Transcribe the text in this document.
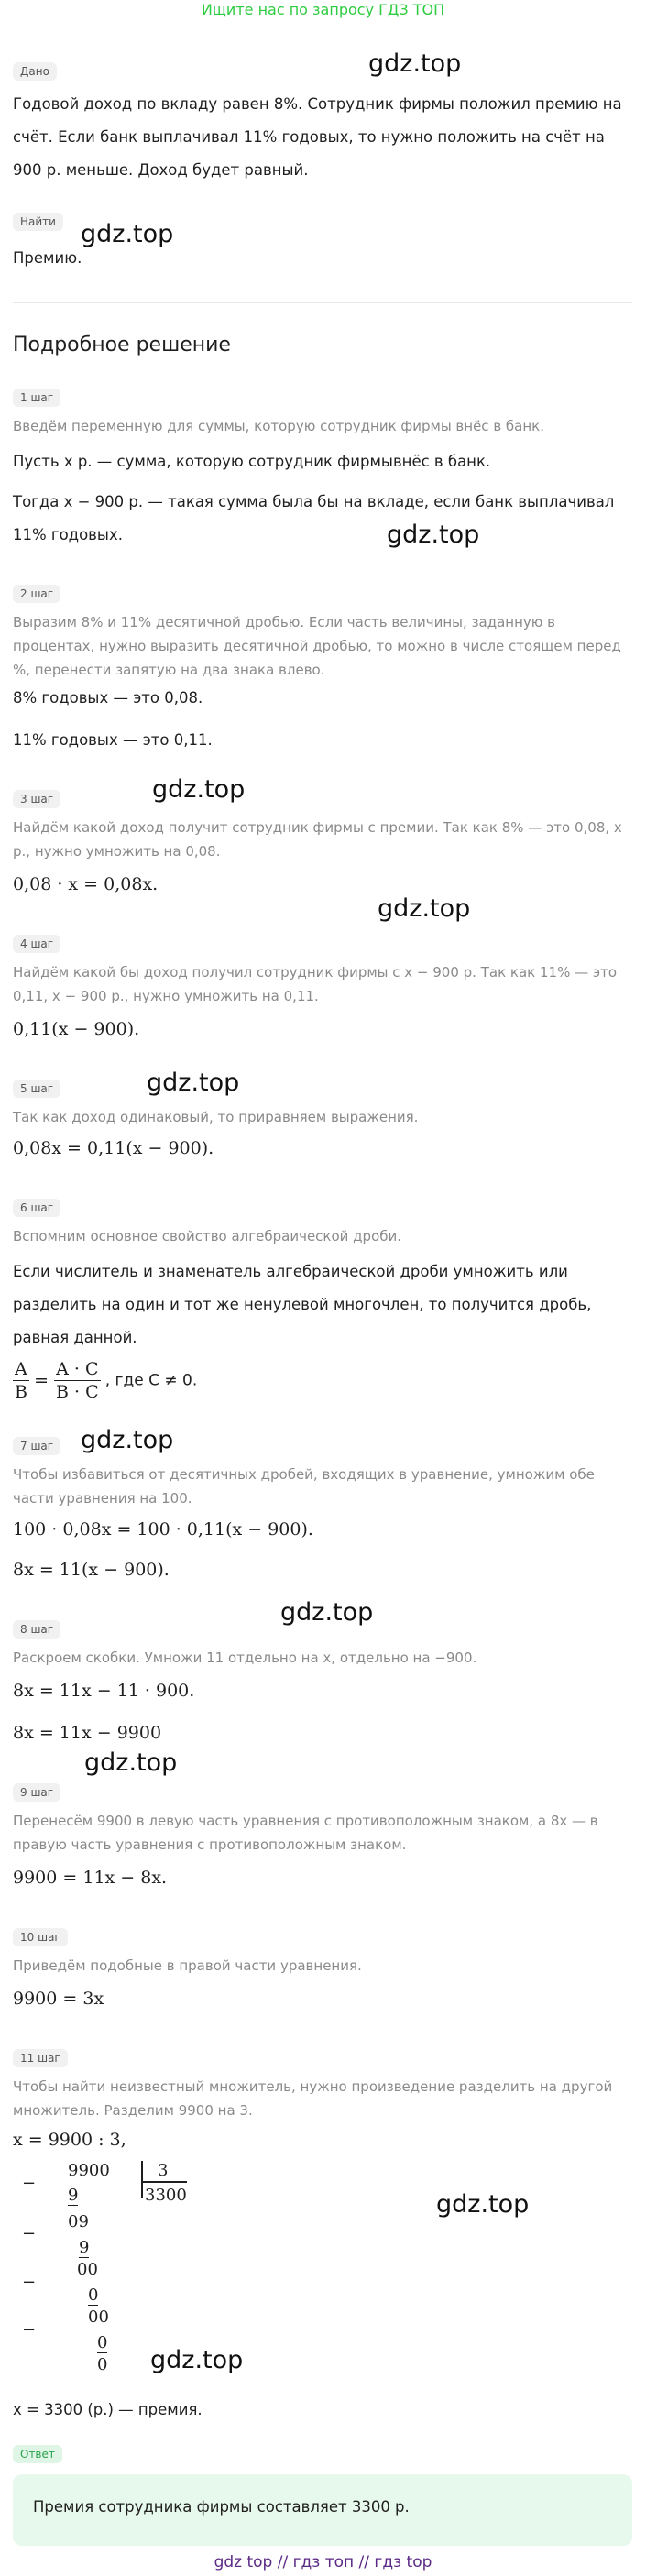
Ищите нас по запросу ГДЗ ТОП
gdz.top
gdz.top
gdz.top
gdz.top
gdz.top
gdz.top
gdz.top
gdz.top
gdz.top
gdz.top
gdz.top
Дано
Годовой доход по вкладу равен 8%. Сотрудник фирмы положил премию на счёт. Если банк выплачивал 11% годовых, то нужно положить на счёт на 900 р. меньше. Доход будет равный.
Найти
Премию.
Подробное решение
1 шаг
Введём переменную для суммы, которую сотрудник фирмы внёс в банк.
Пусть x р. — сумма, которую сотрудник фирмывнёс в банк.
Тогда x − 900 р. — такая сумма была бы на вкладе, если банк выплачивал
11% годовых.
2 шаг
Выразим 8% и 11% десятичной дробью. Если часть величины, заданную в процентах, нужно выразить десятичной дробью, то можно в числе стоящем перед %, перенести запятую на два знака влево.
8% годовых — это 0,08.
11% годовых — это 0,11.
3 шаг
Найдём какой доход получит сотрудник фирмы с премии. Так как 8% — это 0,08, x р., нужно умножить на 0,08.
0,08 · x = 0,08x.
4 шаг
Найдём какой бы доход получил сотрудник фирмы с x − 900 р. Так как 11% — это 0,11, x − 900 р., нужно умножить на 0,11.
0,11(x − 900).
5 шаг
Так как доход одинаковый, то приравняем выражения.
0,08x = 0,11(x − 900).
6 шаг
Вспомним основное свойство алгебраической дроби.
Если числитель и знаменатель алгебраической дроби умножить или разделить на один и тот же ненулевой многочлен, то получится дробь, равная данной.
$\frac{A}{B} = \frac{A \cdot C}{B \cdot C}$ , где C ≠ 0.
7 шаг
Чтобы избавиться от десятичных дробей, входящих в уравнение, умножим обе части уравнения на 100.
100 · 0,08x = 100 · 0,11(x − 900).
8x = 11(x − 900).
8 шаг
Раскроем скобки. Умножи 11 отдельно на x, отдельно на −900.
8x = 11x − 11 · 900.
8x = 11x − 9900
9 шаг
Перенесём 9900 в левую часть уравнения с противоположным знаком, а 8x — в правую часть уравнения с противоположным знаком.
9900 = 11x − 8x.
10 шаг
Приведём подобные в правой части уравнения.
9900 = 3x
11 шаг
Чтобы найти неизвестный множитель, нужно произведение разделить на другой множитель. Разделим 9900 на 3.
x = 9900 : 3,
−
9900	3
3300
9
09
−
9
00
−
0
00
−
0
0
x = 3300 (р.) — премия.
Ответ
Премия сотрудника фирмы составляет 3300 р.
gdz top // гдз топ // гдз top
